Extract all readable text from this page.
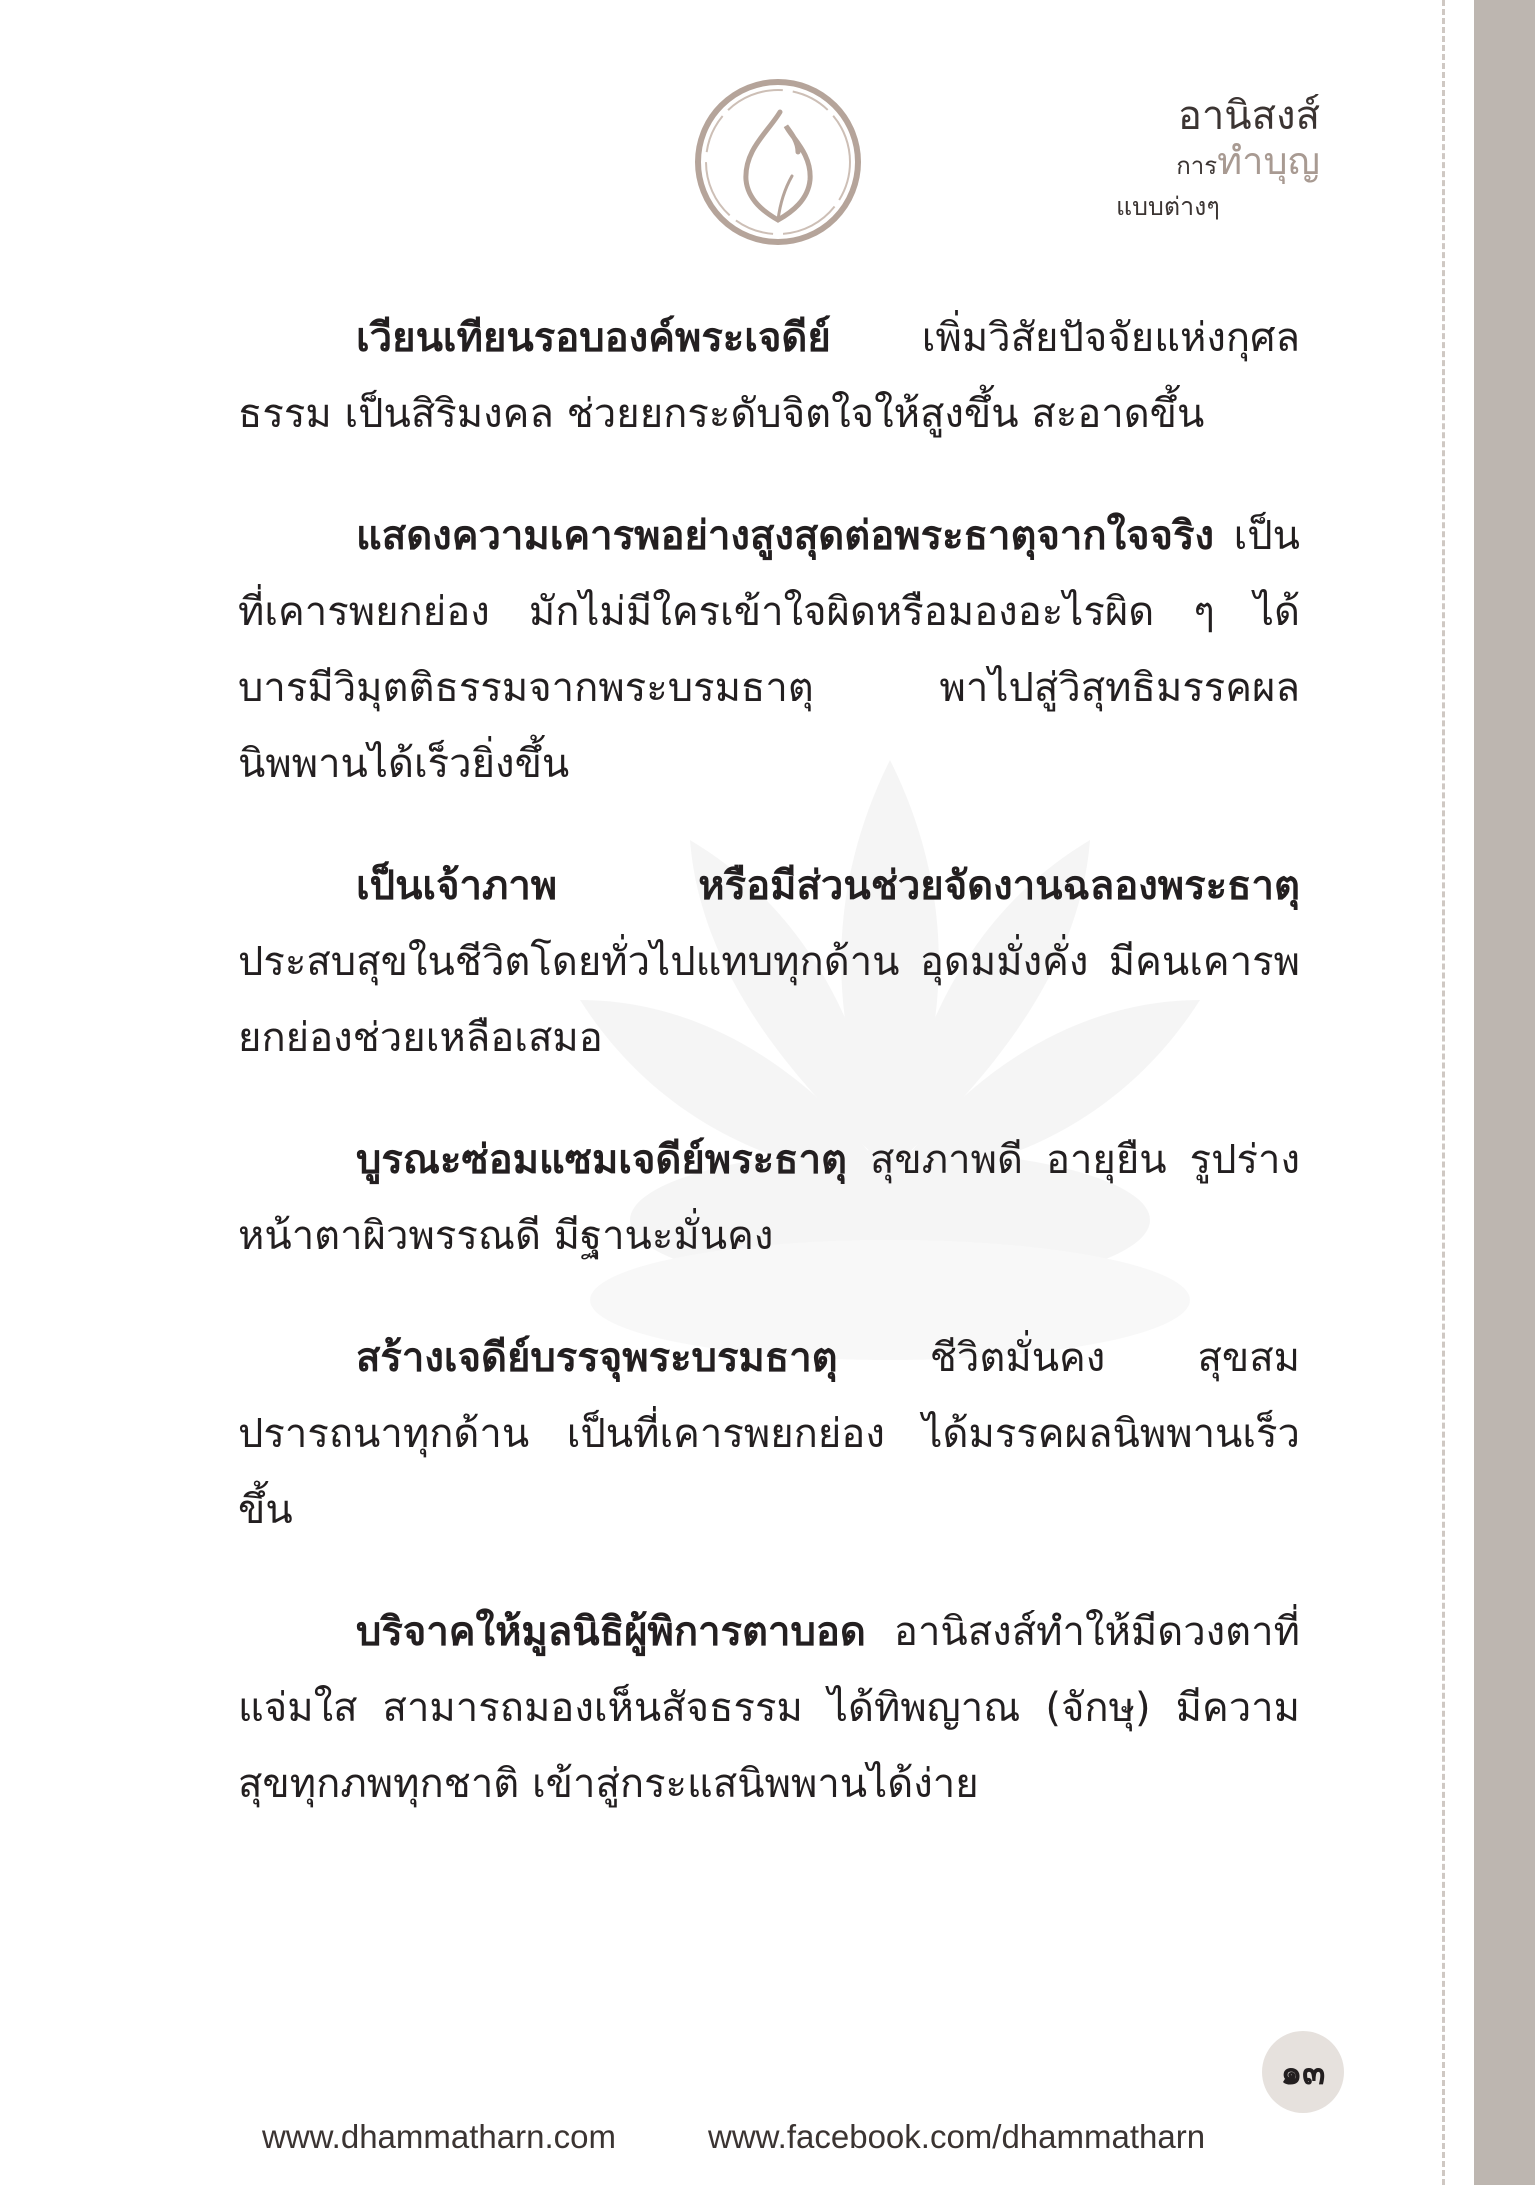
อานิสงส์
การทำบุญ
แบบต่างๆ

เวียนเทียนรอบองค์พระเจดีย์ เพิ่มวิสัยปัจจัยแห่งกุศลธรรม เป็นสิริมงคล ช่วยยกระดับจิตใจให้สูงขึ้น สะอาดขึ้น

แสดงความเคารพอย่างสูงสุดต่อพระธาตุจากใจจริง เป็นที่เคารพยกย่อง มักไม่มีใครเข้าใจผิดหรือมองอะไรผิด ๆ ได้บารมีวิมุตติธรรมจากพระบรมธาตุ พาไปสู่วิสุทธิมรรคผล นิพพานได้เร็วยิ่งขึ้น

เป็นเจ้าภาพ หรือมีส่วนช่วยจัดงานฉลองพระธาตุ ประสบสุขในชีวิตโดยทั่วไปแทบทุกด้าน อุดมมั่งคั่ง มีคนเคารพยกย่องช่วยเหลือเสมอ

บูรณะซ่อมแซมเจดีย์พระธาตุ สุขภาพดี อายุยืน รูปร่างหน้าตาผิวพรรณดี มีฐานะมั่นคง

สร้างเจดีย์บรรจุพระบรมธาตุ ชีวิตมั่นคง สุขสมปรารถนาทุกด้าน เป็นที่เคารพยกย่อง ได้มรรคผลนิพพานเร็วขึ้น

บริจาคให้มูลนิธิผู้พิการตาบอด อานิสงส์ทำให้มีดวงตาที่แจ่มใส สามารถมองเห็นสัจธรรม ได้ทิพญาณ (จักษุ) มีความสุขทุกภพทุกชาติ เข้าสู่กระแสนิพพานได้ง่าย

๑๓
www.dhammatharn.com	www.facebook.com/dhammatharn
